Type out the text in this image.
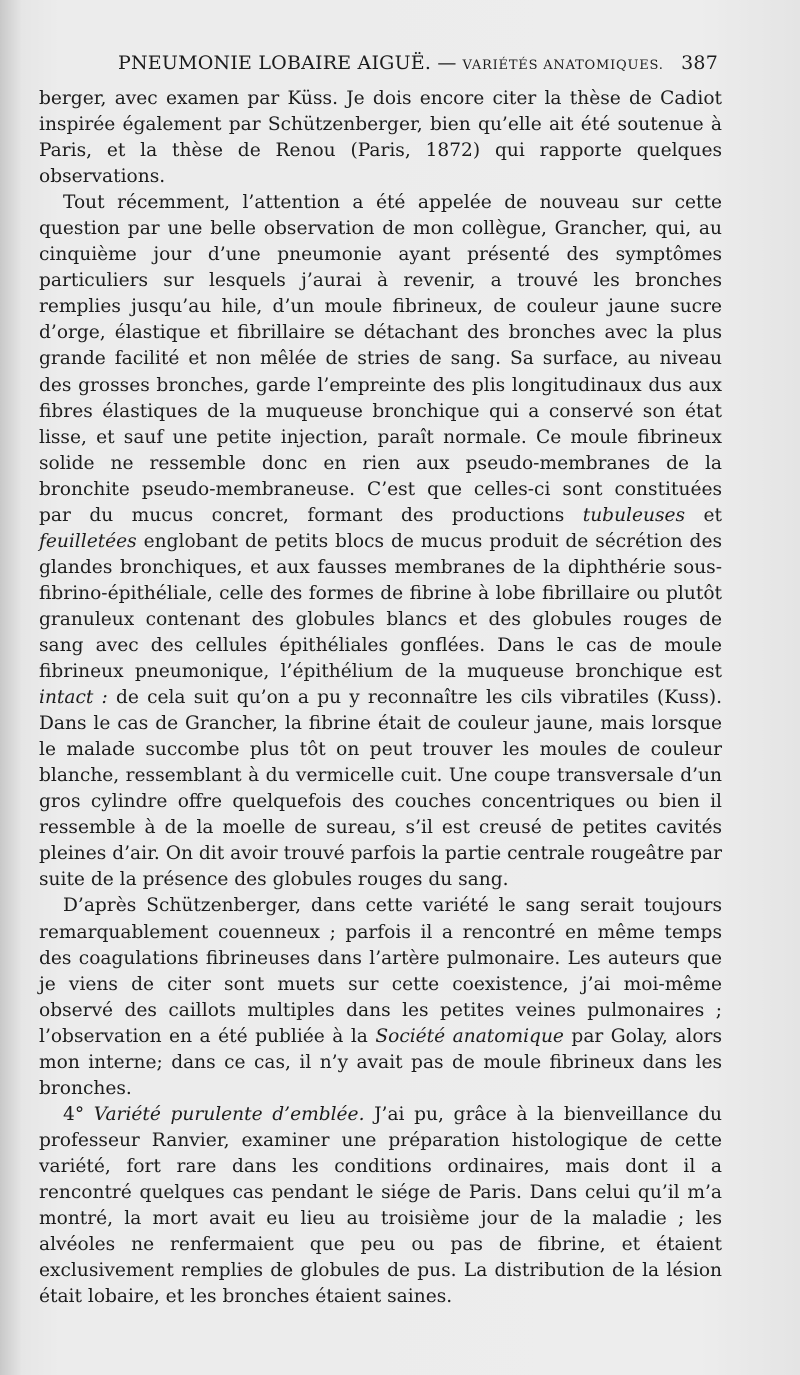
PNEUMONIE LOBAIRE AIGUË. — VARIÉTÉS ANATOMIQUES. 387

berger, avec examen par Küss. Je dois encore citer la thèse de Cadiot inspirée également par Schützenberger, bien qu’elle ait été soutenue à Paris, et la thèse de Renou (Paris, 1872) qui rapporte quelques observations.

Tout récemment, l’attention a été appelée de nouveau sur cette question par une belle observation de mon collègue, Grancher, qui, au cinquième jour d’une pneumonie ayant présenté des symptômes particuliers sur lesquels j’aurai à revenir, a trouvé les bronches remplies jusqu’au hile, d’un moule fibrineux, de couleur jaune sucre d’orge, élastique et fibrillaire se détachant des bronches avec la plus grande facilité et non mêlée de stries de sang. Sa surface, au niveau des grosses bronches, garde l’empreinte des plis longitudinaux dus aux fibres élastiques de la muqueuse bronchique qui a conservé son état lisse, et sauf une petite injection, paraît normale. Ce moule fibrineux solide ne ressemble donc en rien aux pseudo-membranes de la bronchite pseudo-membraneuse. C’est que celles-ci sont constituées par du mucus concret, formant des productions tubuleuses et feuilletées englobant de petits blocs de mucus produit de sécrétion des glandes bronchiques, et aux fausses membranes de la diphthérie sous-fibrino-épithéliale, celle des formes de fibrine à lobe fibrillaire ou plutôt granuleux contenant des globules blancs et des globules rouges de sang avec des cellules épithéliales gonflées. Dans le cas de moule fibrineux pneumonique, l’épithélium de la muqueuse bronchique est intact : de cela suit qu’on a pu y reconnaître les cils vibratiles (Kuss). Dans le cas de Grancher, la fibrine était de couleur jaune, mais lorsque le malade succombe plus tôt on peut trouver les moules de couleur blanche, ressemblant à du vermicelle cuit. Une coupe transversale d’un gros cylindre offre quelquefois des couches concentriques ou bien il ressemble à de la moelle de sureau, s’il est creusé de petites cavités pleines d’air. On dit avoir trouvé parfois la partie centrale rougeâtre par suite de la présence des globules rouges du sang.

D’après Schützenberger, dans cette variété le sang serait toujours remarquablement couenneux ; parfois il a rencontré en même temps des coagulations fibrineuses dans l’artère pulmonaire. Les auteurs que je viens de citer sont muets sur cette coexistence, j’ai moi-même observé des caillots multiples dans les petites veines pulmonaires ; l’observation en a été publiée à la Société anatomique par Golay, alors mon interne; dans ce cas, il n’y avait pas de moule fibrineux dans les bronches.

4° Variété purulente d’emblée. J’ai pu, grâce à la bienveillance du professeur Ranvier, examiner une préparation histologique de cette variété, fort rare dans les conditions ordinaires, mais dont il a rencontré quelques cas pendant le siége de Paris. Dans celui qu’il m’a montré, la mort avait eu lieu au troisième jour de la maladie ; les alvéoles ne renfermaient que peu ou pas de fibrine, et étaient exclusivement remplies de globules de pus. La distribution de la lésion était lobaire, et les bronches étaient saines.
